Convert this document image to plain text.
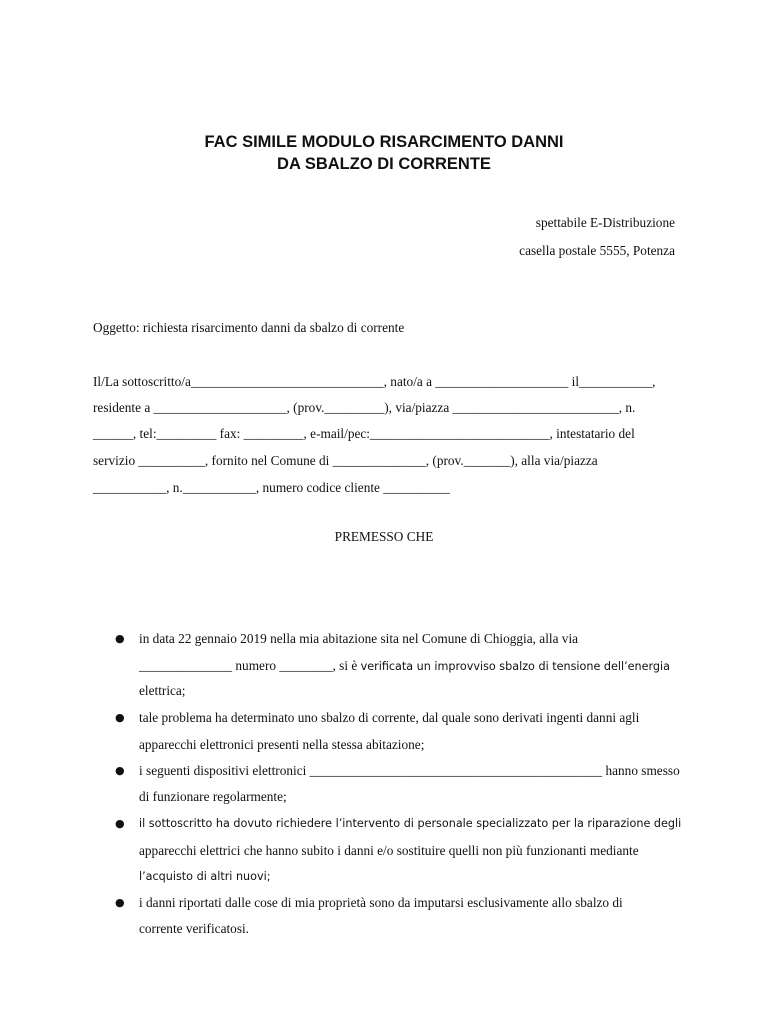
FAC SIMILE MODULO RISARCIMENTO DANNI
DA SBALZO DI CORRENTE
spettabile E-Distribuzione
casella postale 5555, Potenza
Oggetto: richiesta risarcimento danni da sbalzo di corrente
Il/La sottoscritto/a_____________________________, nato/a a ____________________ il___________,
residente a ____________________, (prov._________), via/piazza _________________________, n.
______, tel:_________ fax: _________, e-mail/pec:___________________________, intestatario del
servizio __________, fornito nel Comune di ______________, (prov._______), alla via/piazza
___________, n.___________, numero codice cliente __________
PREMESSO CHE
● in data 22 gennaio 2019 nella mia abitazione sita nel Comune di Chioggia, alla via
______________ numero ________, si è verificata un improvviso sbalzo di tensione dell’energia
elettrica;
● tale problema ha determinato uno sbalzo di corrente, dal quale sono derivati ingenti danni agli
apparecchi elettronici presenti nella stessa abitazione;
● i seguenti dispositivi elettronici ____________________________________________ hanno smesso
di funzionare regolarmente;
● il sottoscritto ha dovuto richiedere l’intervento di personale specializzato per la riparazione degli
apparecchi elettrici che hanno subito i danni e/o sostituire quelli non più funzionanti mediante
l’acquisto di altri nuovi;
● i danni riportati dalle cose di mia proprietà sono da imputarsi esclusivamente allo sbalzo di
corrente verificatosi.
